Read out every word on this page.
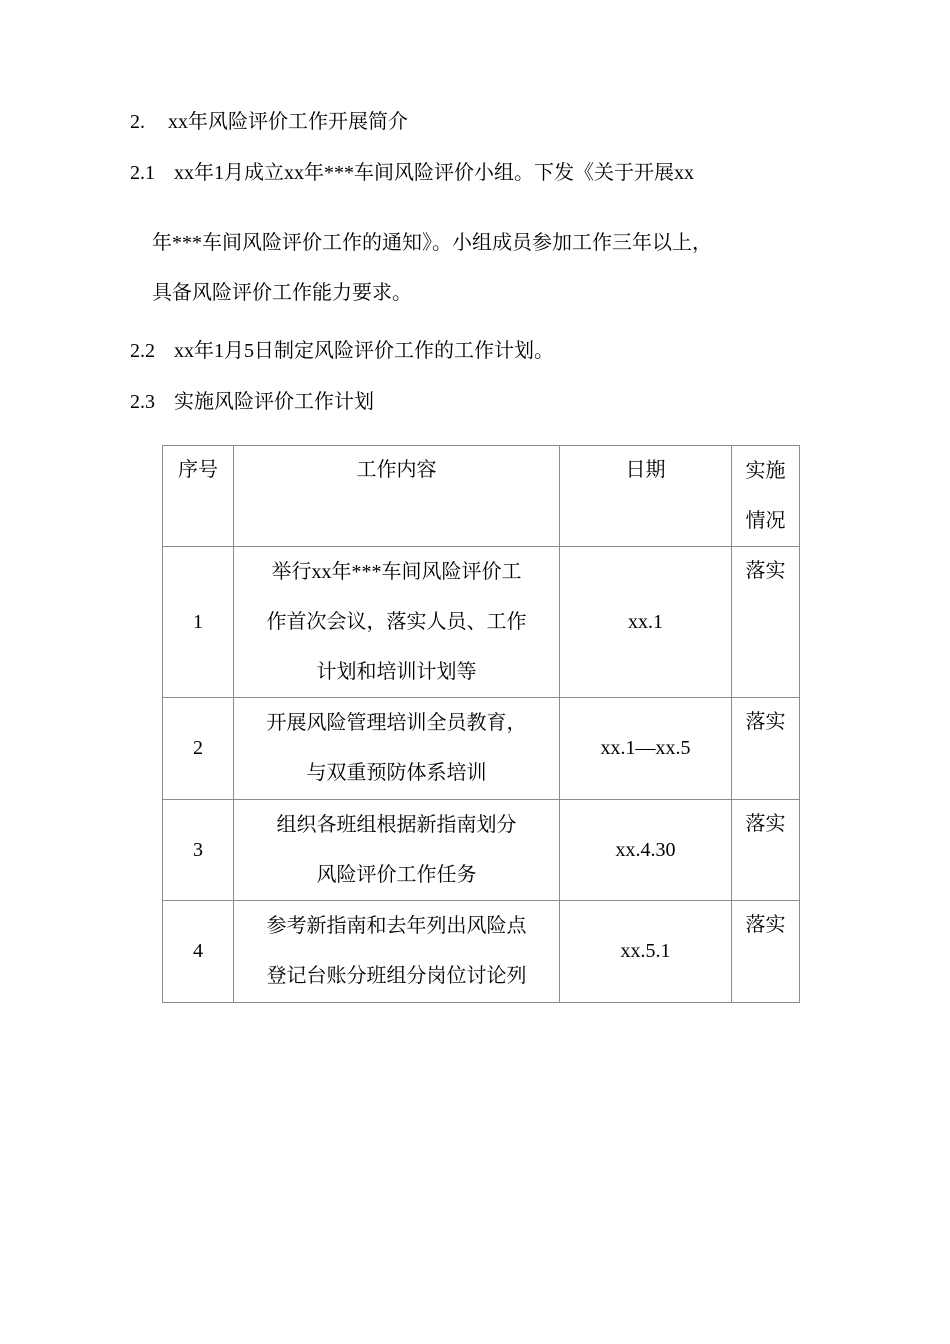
2. xx年风险评价工作开展简介
2.1 xx年1月成立xx年***车间风险评价小组。下发《关于开展xx
年***车间风险评价工作的通知》。小组成员参加工作三年以上，
具备风险评价工作能力要求。
2.2 xx年1月5日制定风险评价工作的工作计划。
2.3 实施风险评价工作计划
序号	工作内容	日期	实施
情况

1	举行xx年***车间风险评价工
作首次会议，落实人员、工作
计划和培训计划等	xx.1	落实

2	开展风险管理培训全员教育，
与双重预防体系培训	xx.1—xx.5	落实

3	组织各班组根据新指南划分
风险评价工作任务	xx.4.30	落实

4	参考新指南和去年列出风险点
登记台账分班组分岗位讨论列	xx.5.1	落实
